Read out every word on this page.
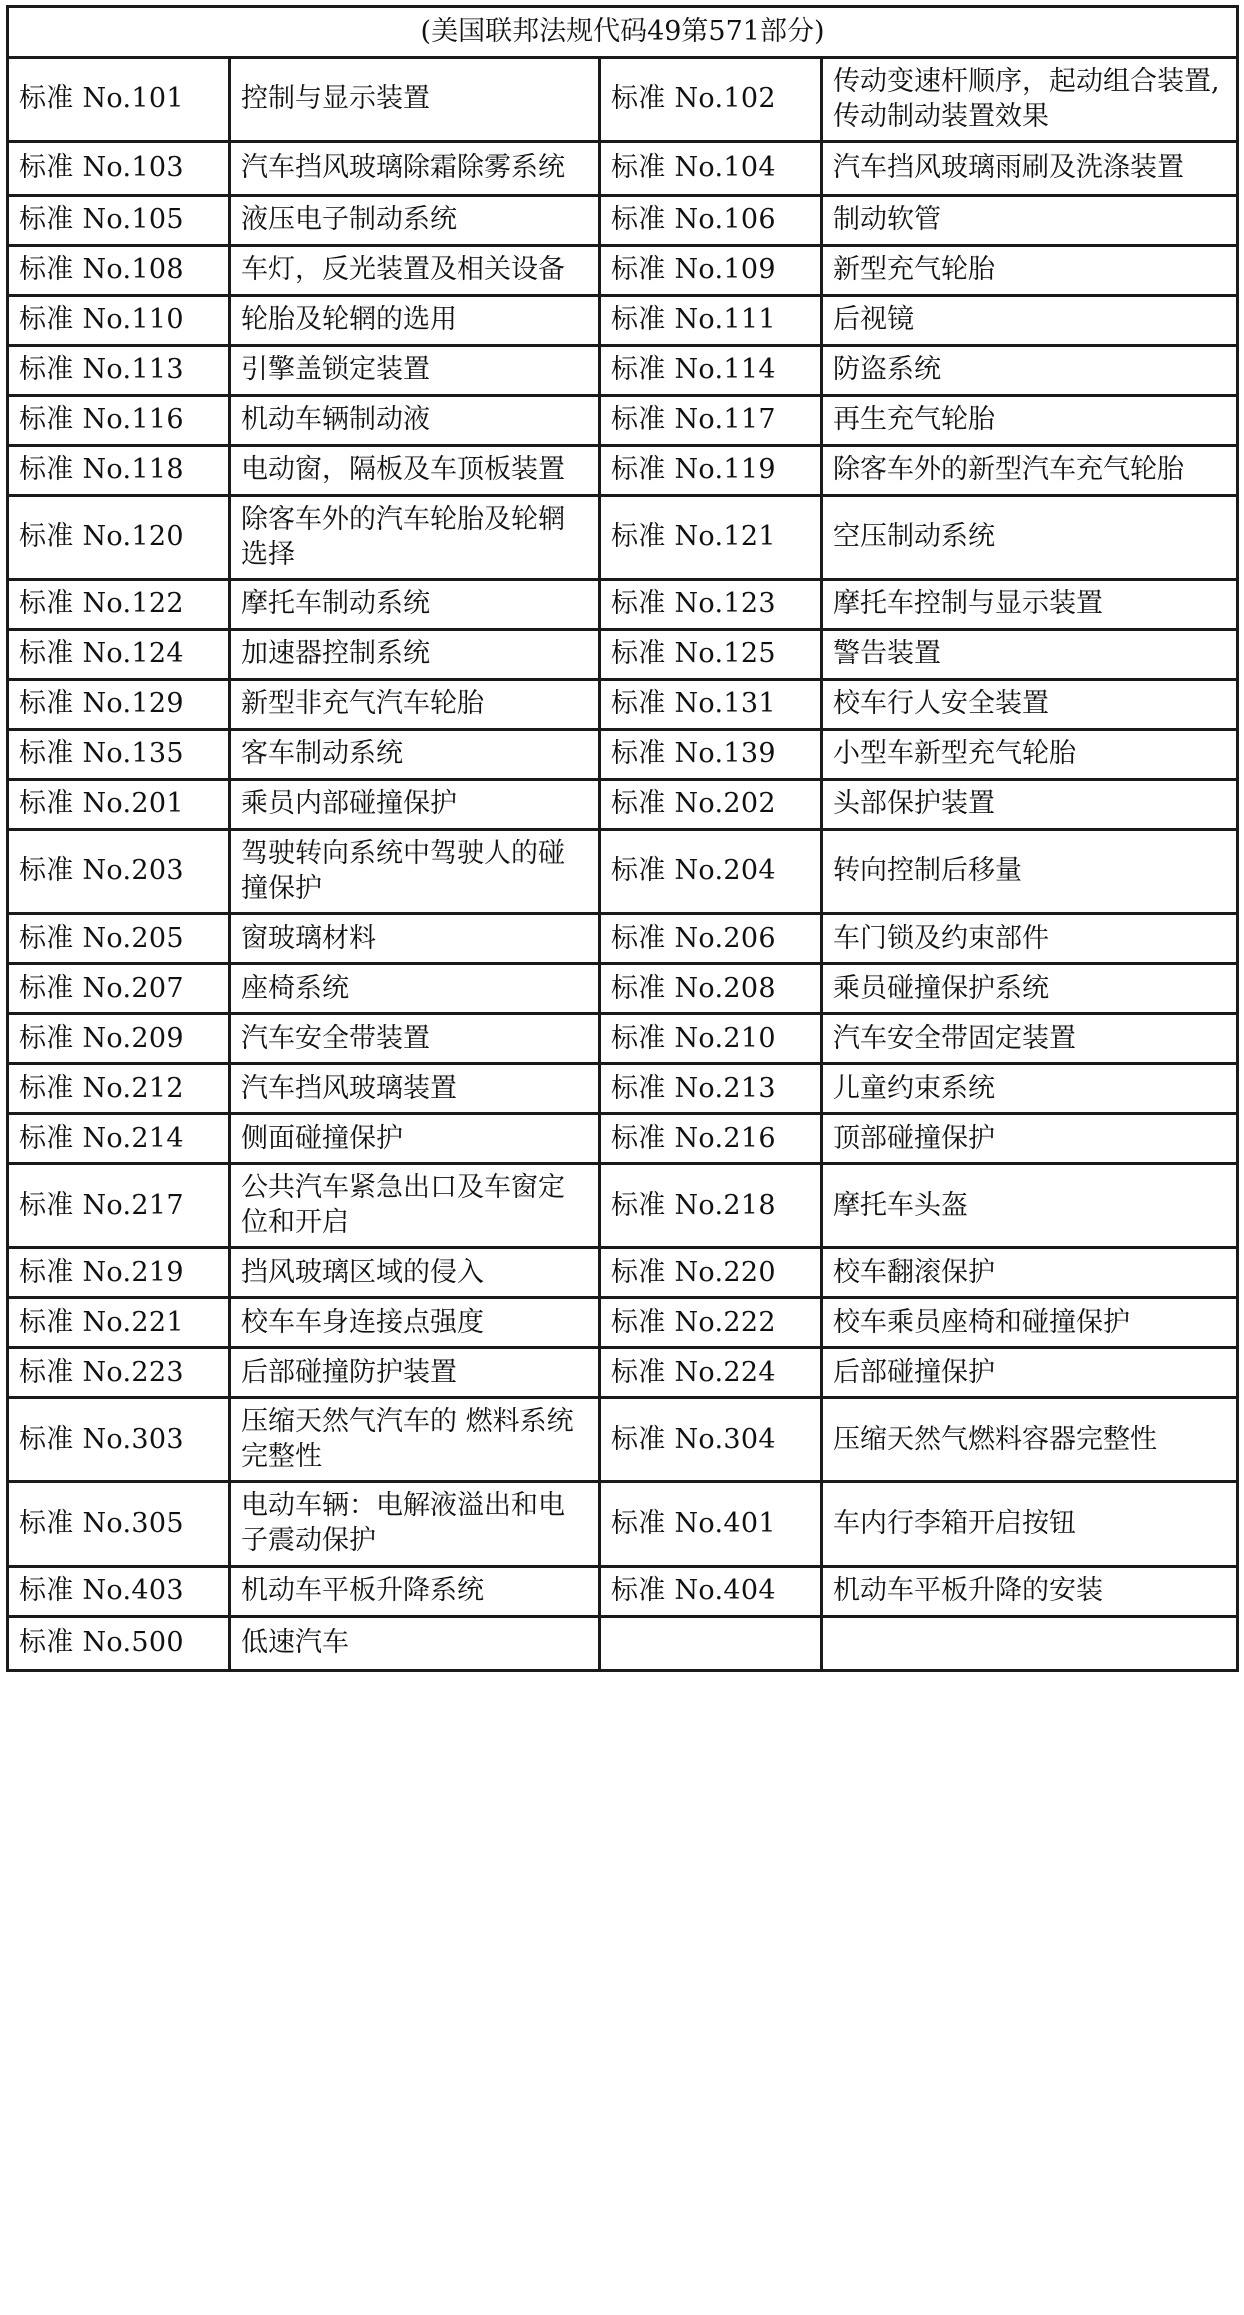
(美国联邦法规代码49第571部分)			
标准 No.101	控制与显示装置	标准 No.102	传动变速杆顺序，起动组合装置,传动制动装置效果
标准 No.103	汽车挡风玻璃除霜除雾系统	标准 No.104	汽车挡风玻璃雨刷及洗涤装置
标准 No.105	液压电子制动系统	标准 No.106	制动软管
标准 No.108	车灯，反光装置及相关设备	标准 No.109	新型充气轮胎
标准 No.110	轮胎及轮辋的选用	标准 No.111	后视镜
标准 No.113	引擎盖锁定装置	标准 No.114	防盗系统
标准 No.116	机动车辆制动液	标准 No.117	再生充气轮胎
标准 No.118	电动窗，隔板及车顶板装置	标准 No.119	除客车外的新型汽车充气轮胎
标准 No.120	除客车外的汽车轮胎及轮辋选择	标准 No.121	空压制动系统
标准 No.122	摩托车制动系统	标准 No.123	摩托车控制与显示装置
标准 No.124	加速器控制系统	标准 No.125	警告装置
标准 No.129	新型非充气汽车轮胎	标准 No.131	校车行人安全装置
标准 No.135	客车制动系统	标准 No.139	小型车新型充气轮胎
标准 No.201	乘员内部碰撞保护	标准 No.202	头部保护装置
标准 No.203	驾驶转向系统中驾驶人的碰撞保护	标准 No.204	转向控制后移量
标准 No.205	窗玻璃材料	标准 No.206	车门锁及约束部件
标准 No.207	座椅系统	标准 No.208	乘员碰撞保护系统
标准 No.209	汽车安全带装置	标准 No.210	汽车安全带固定装置
标准 No.212	汽车挡风玻璃装置	标准 No.213	儿童约束系统
标准 No.214	侧面碰撞保护	标准 No.216	顶部碰撞保护
标准 No.217	公共汽车紧急出口及车窗定位和开启	标准 No.218	摩托车头盔
标准 No.219	挡风玻璃区域的侵入	标准 No.220	校车翻滚保护
标准 No.221	校车车身连接点强度	标准 No.222	校车乘员座椅和碰撞保护
标准 No.223	后部碰撞防护装置	标准 No.224	后部碰撞保护
标准 No.303	压缩天然气汽车的 燃料系统完整性	标准 No.304	压缩天然气燃料容器完整性
标准 No.305	电动车辆：电解液溢出和电子震动保护	标准 No.401	车内行李箱开启按钮
标准 No.403	机动车平板升降系统	标准 No.404	机动车平板升降的安装
标准 No.500	低速汽车		
